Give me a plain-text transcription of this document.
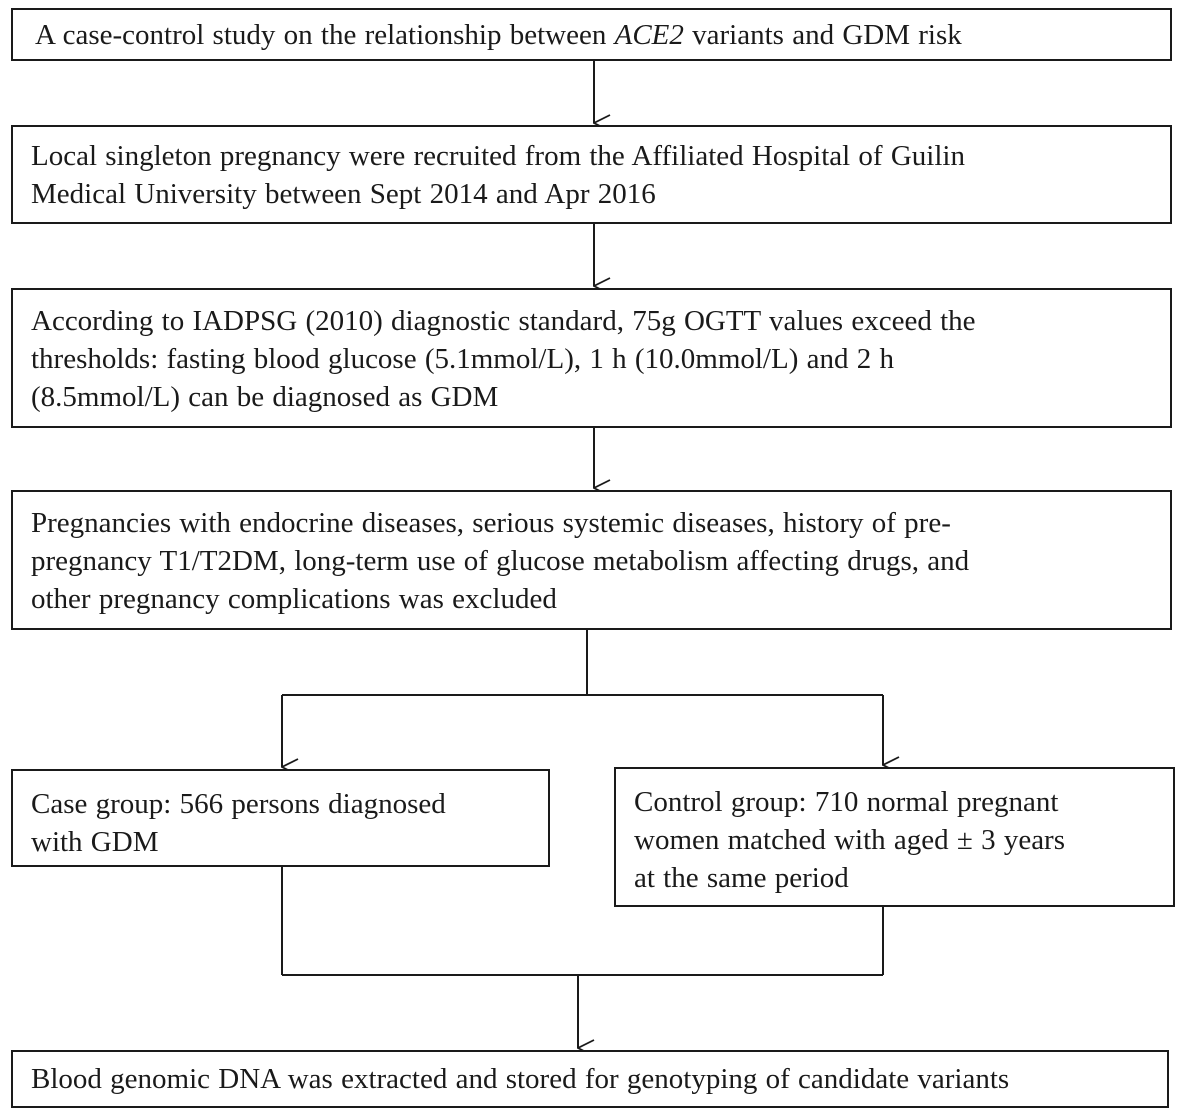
A case-control study on the relationship between ACE2 variants and GDM risk
Local singleton pregnancy were recruited from the Affiliated Hospital of Guilin
Medical University between Sept 2014 and Apr 2016
According to IADPSG (2010) diagnostic standard, 75g OGTT values exceed the
thresholds: fasting blood glucose (5.1mmol/L), 1 h (10.0mmol/L) and 2 h
(8.5mmol/L) can be diagnosed as GDM
Pregnancies with endocrine diseases, serious systemic diseases, history of pre-
pregnancy T1/T2DM, long-term use of glucose metabolism affecting drugs, and
other pregnancy complications was excluded
Case group: 566 persons diagnosed
with GDM
Control group: 710 normal pregnant
women matched with aged ± 3 years
at the same period
Blood genomic DNA was extracted and stored for genotyping of candidate variants
